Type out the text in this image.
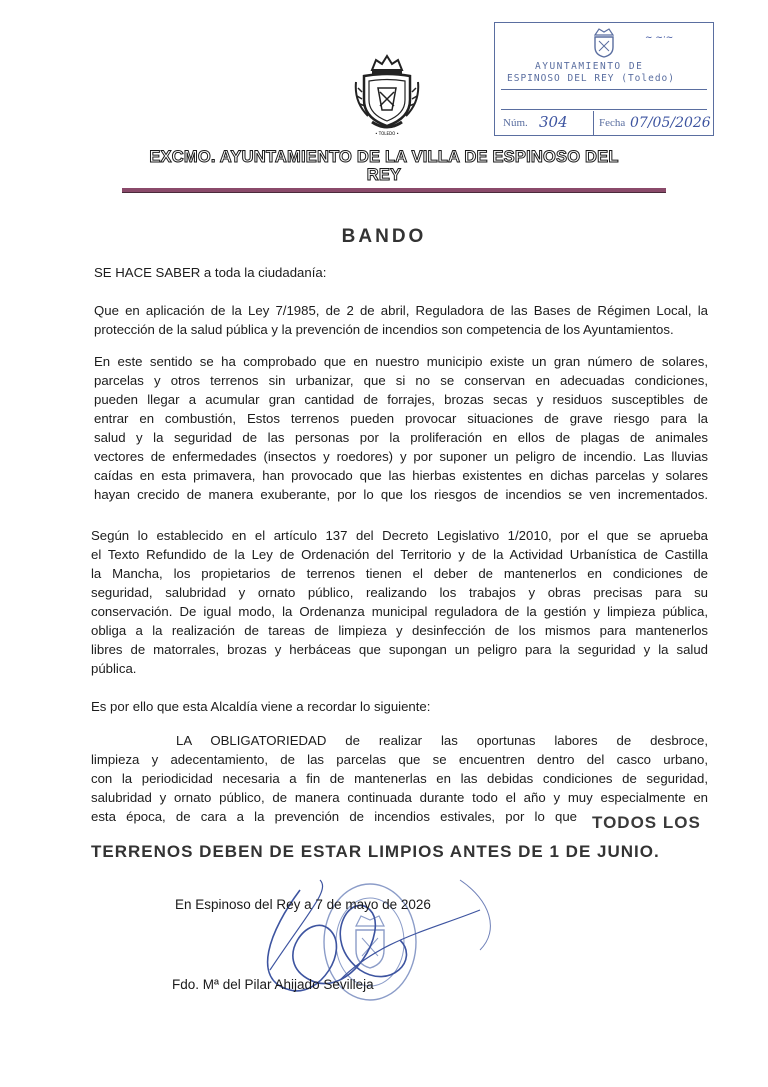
• TOLEDO •
~ ~·~
AYUNTAMIENTO DE
ESPINOSO DEL REY (Toledo)
Núm. 304	Fecha 07/05/2026
EXCMO. AYUNTAMIENTO DE LA VILLA DE ESPINOSO DEL
REY
BANDO
SE HACE SABER a toda la ciudadanía:
Que en aplicación de la Ley 7/1985, de 2 de abril, Reguladora de las Bases de Régimen Local, la
protección de la salud pública y la prevención de incendios son competencia de los Ayuntamientos.
En este sentido se ha comprobado que en nuestro municipio existe un gran número de solares,
parcelas y otros terrenos sin urbanizar, que si no se conservan en adecuadas condiciones,
pueden llegar a acumular gran cantidad de forrajes, brozas secas y residuos susceptibles de
entrar en combustión, Estos terrenos pueden provocar situaciones de grave riesgo para la
salud y la seguridad de las personas por la proliferación en ellos de plagas de animales
vectores de enfermedades (insectos y roedores) y por suponer un peligro de incendio. Las lluvias
caídas en esta primavera, han provocado que las hierbas existentes en dichas parcelas y solares
hayan crecido de manera exuberante, por lo que los riesgos de incendios se ven incrementados.
Según lo establecido en el artículo 137 del Decreto Legislativo 1/2010, por el que se aprueba
el Texto Refundido de la Ley de Ordenación del Territorio y de la Actividad Urbanística de Castilla
la Mancha, los propietarios de terrenos tienen el deber de mantenerlos en condiciones de
seguridad, salubridad y ornato público, realizando los trabajos y obras precisas para su
conservación. De igual modo, la Ordenanza municipal reguladora de la gestión y limpieza pública,
obliga a la realización de tareas de limpieza y desinfección de los mismos para mantenerlos
libres de matorrales, brozas y herbáceas que supongan un peligro para la seguridad y la salud
pública.
Es por ello que esta Alcaldía viene a recordar lo siguiente:
LA OBLIGATORIEDAD de realizar las oportunas labores de desbroce,
limpieza y adecentamiento, de las parcelas que se encuentren dentro del casco urbano,
con la periodicidad necesaria a fin de mantenerlas en las debidas condiciones de seguridad,
salubridad y ornato público, de manera continuada durante todo el año y muy especialmente en
esta época, de cara a la prevención de incendios estivales, por lo que TODOS LOS
TERRENOS DEBEN DE ESTAR LIMPIOS ANTES DE 1 DE JUNIO.
En Espinoso del Rey a 7 de mayo de 2026
Fdo. Mª del Pilar Ahijado Sevilleja
